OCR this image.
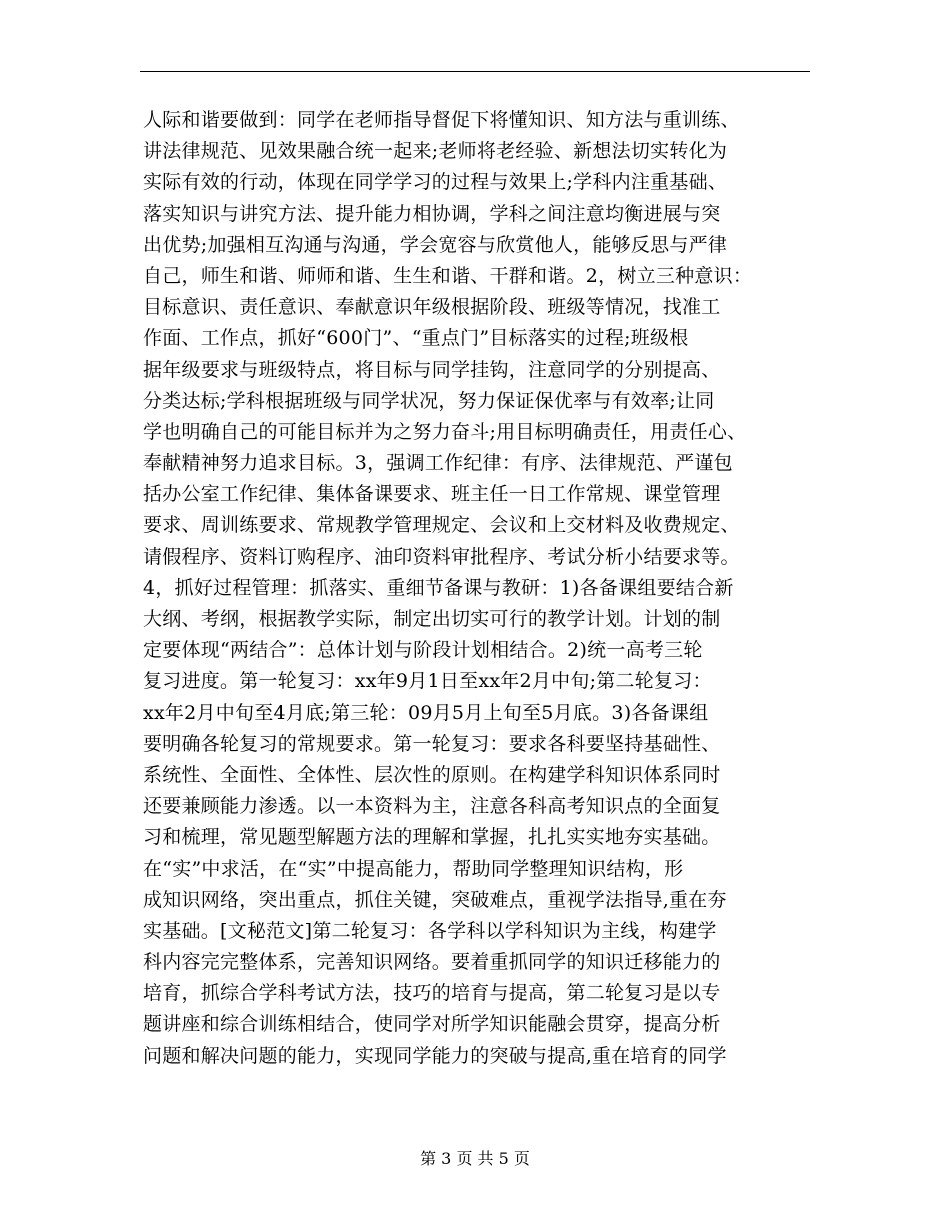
人际和谐要做到：同学在老师指导督促下将懂知识、知方法与重训练、
讲法律规范、见效果融合统一起来;老师将老经验、新想法切实转化为
实际有效的行动，体现在同学学习的过程与效果上;学科内注重基础、
落实知识与讲究方法、提升能力相协调，学科之间注意均衡进展与突
出优势;加强相互沟通与沟通，学会宽容与欣赏他人，能够反思与严律
自己，师生和谐、师师和谐、生生和谐、干群和谐。2，树立三种意识：
目标意识、责任意识、奉献意识年级根据阶段、班级等情况，找准工
作面、工作点，抓好“600门”、“重点门”目标落实的过程;班级根
据年级要求与班级特点，将目标与同学挂钩，注意同学的分别提高、
分类达标;学科根据班级与同学状况，努力保证保优率与有效率;让同
学也明确自己的可能目标并为之努力奋斗;用目标明确责任，用责任心、
奉献精神努力追求目标。3，强调工作纪律：有序、法律规范、严谨包
括办公室工作纪律、集体备课要求、班主任一日工作常规、课堂管理
要求、周训练要求、常规教学管理规定、会议和上交材料及收费规定、
请假程序、资料订购程序、油印资料审批程序、考试分析小结要求等。
4，抓好过程管理：抓落实、重细节备课与教研：1)各备课组要结合新
大纲、考纲，根据教学实际，制定出切实可行的教学计划。计划的制
定要体现“两结合”：总体计划与阶段计划相结合。2)统一高考三轮
复习进度。第一轮复习：xx年9月1日至xx年2月中旬;第二轮复习：
xx年2月中旬至4月底;第三轮：09月5月上旬至5月底。3)各备课组
要明确各轮复习的常规要求。第一轮复习：要求各科要坚持基础性、
系统性、全面性、全体性、层次性的原则。在构建学科知识体系同时
还要兼顾能力渗透。以一本资料为主，注意各科高考知识点的全面复
习和梳理，常见题型解题方法的理解和掌握，扎扎实实地夯实基础。
在“实”中求活，在“实”中提高能力，帮助同学整理知识结构，形
成知识网络，突出重点，抓住关键，突破难点，重视学法指导,重在夯
实基础。[文秘范文]第二轮复习：各学科以学科知识为主线，构建学
科内容完完整体系，完善知识网络。要着重抓同学的知识迁移能力的
培育，抓综合学科考试方法，技巧的培育与提高，第二轮复习是以专
题讲座和综合训练相结合，使同学对所学知识能融会贯穿，提高分析
问题和解决问题的能力，实现同学能力的突破与提高,重在培育的同学
第 3 页 共 5 页
